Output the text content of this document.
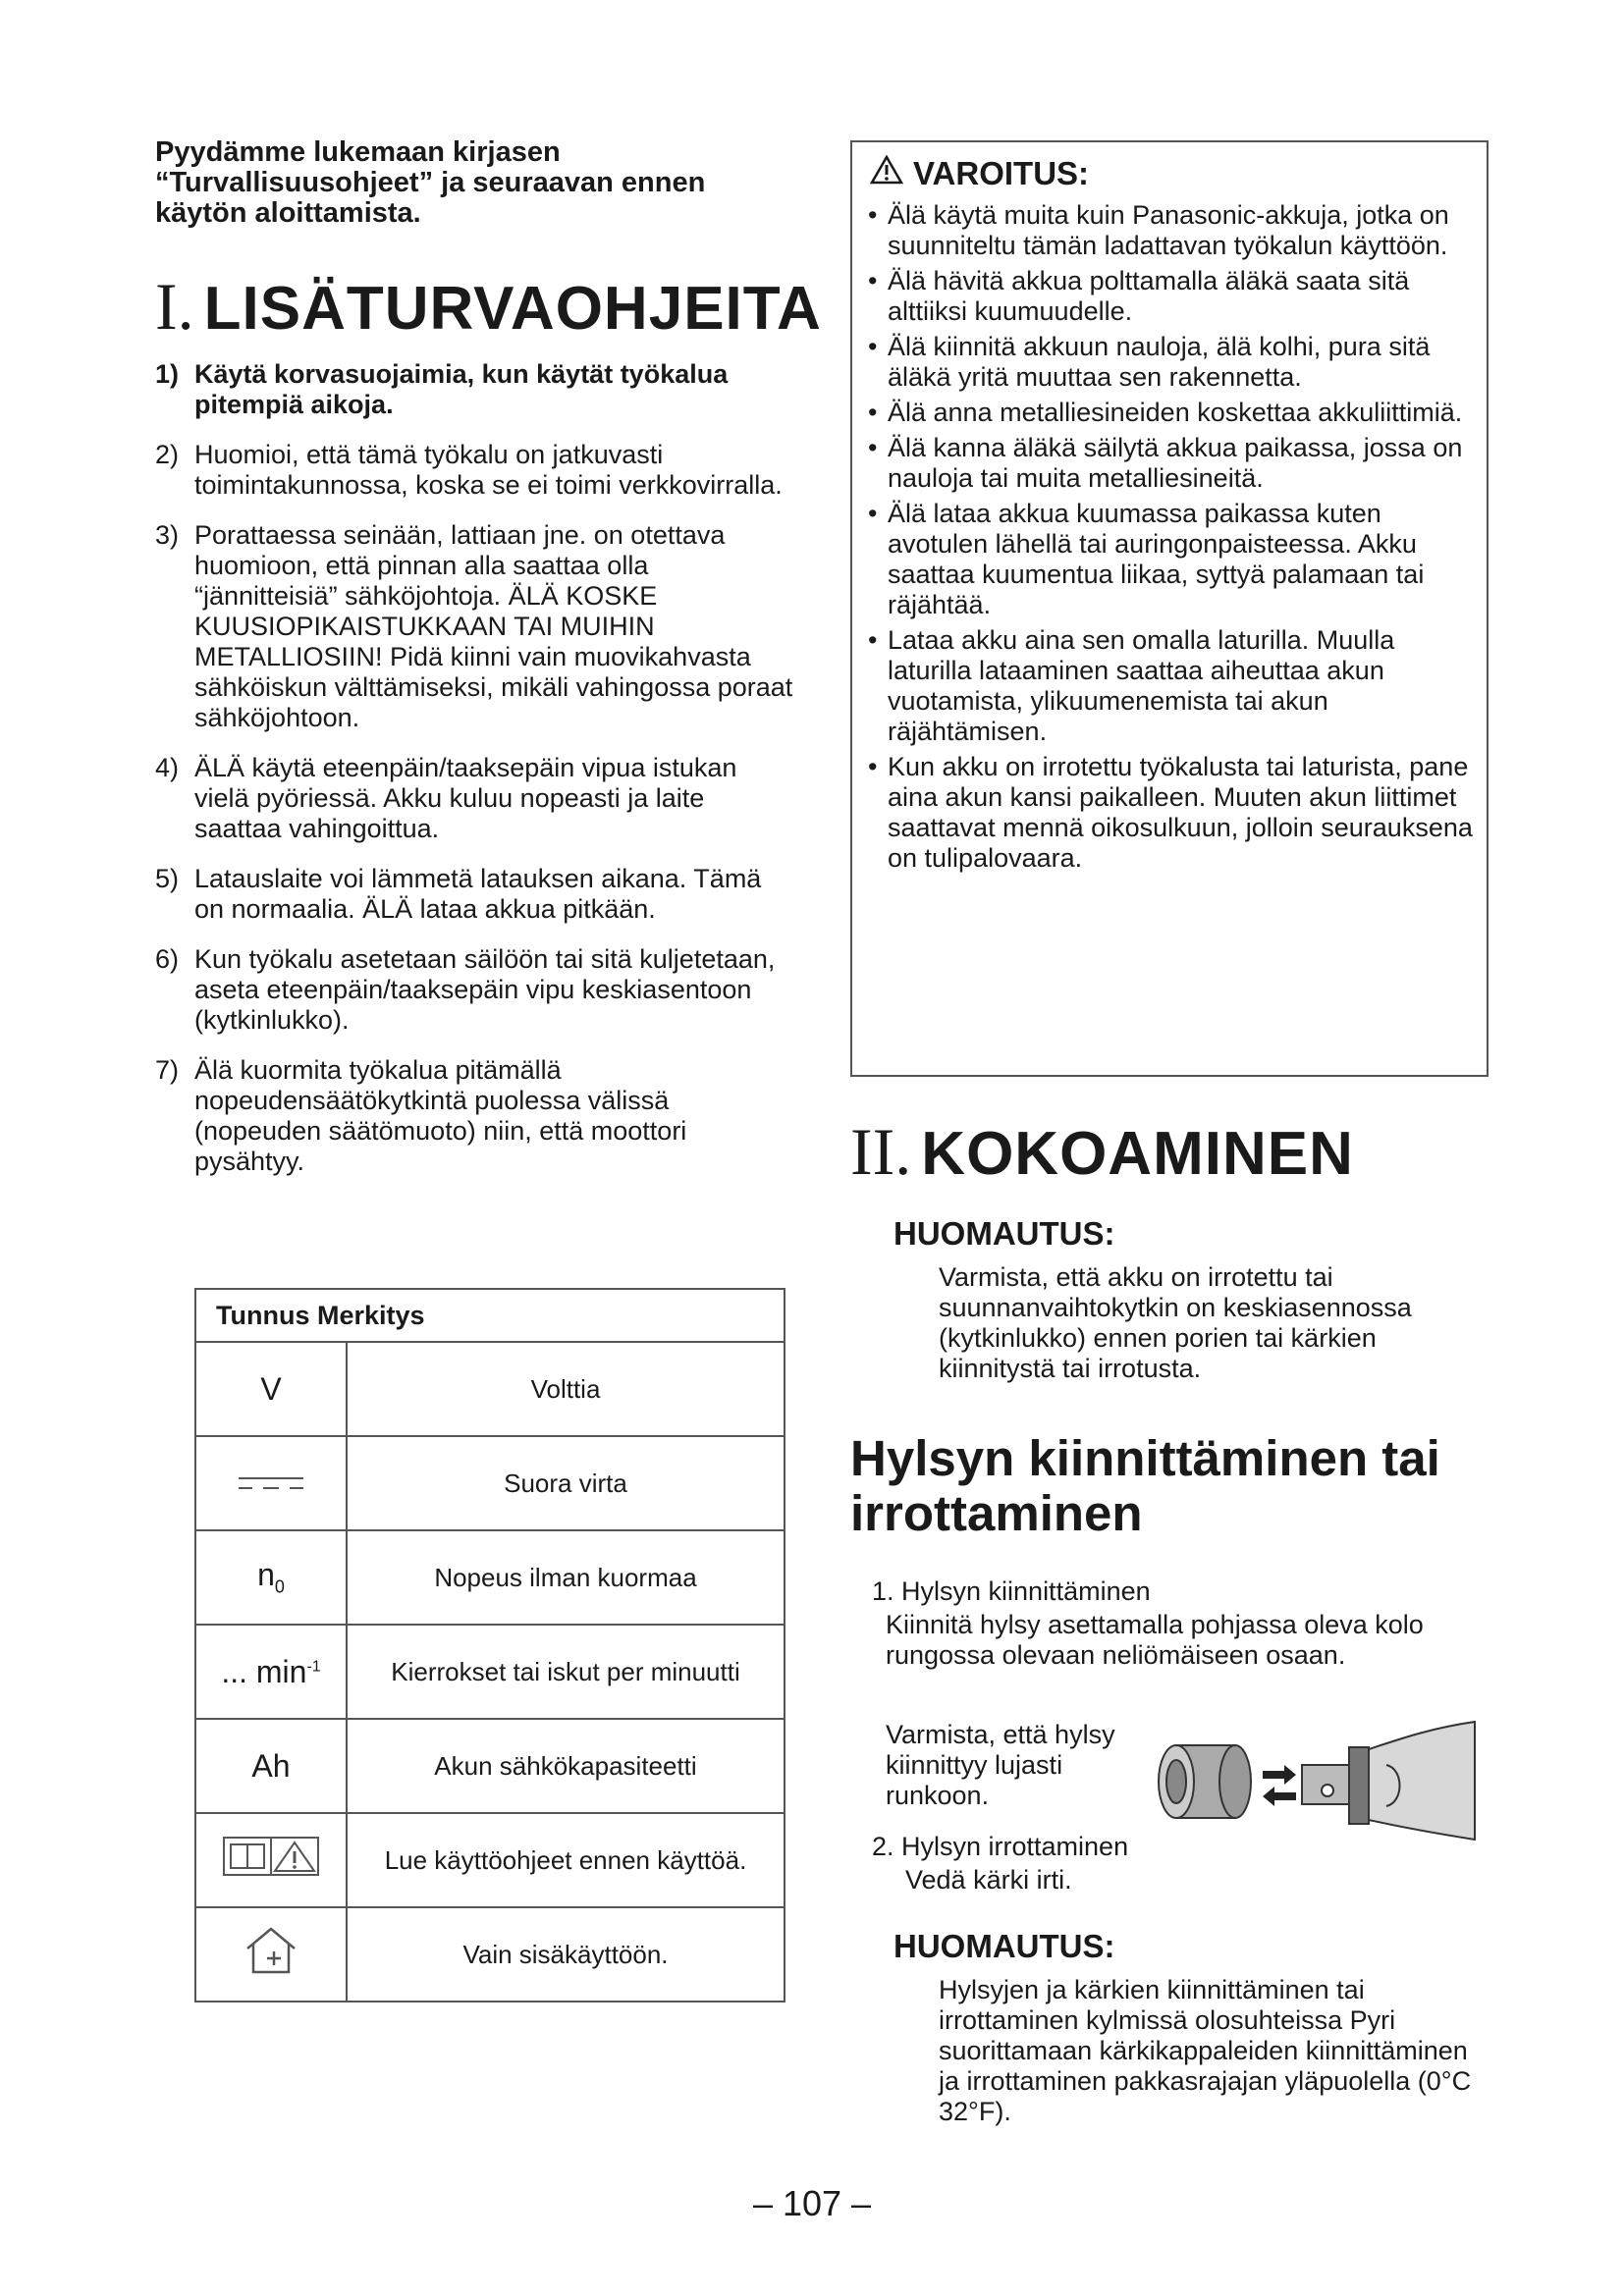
Pyydämme lukemaan kirjasen “Turvallisuusohjeet” ja seuraavan ennen käytön aloittamista.

I . LISÄTURVAOHJEITA
1) Käytä korvasuojaimia, kun käytät työkalua pitempiä aikoja.
2) Huomioi, että tämä työkalu on jatkuvasti toimintakunnossa, koska se ei toimi verkkovirralla.
3) Porattaessa seinään, lattiaan jne. on otettava huomioon, että pinnan alla saattaa olla “jännitteisiä” sähköjohtoja. ÄLÄ KOSKE KUUSIOPIKAISTUKKAAN TAI MUIHIN METALLIOSIIN! Pidä kiinni vain muovikahvasta sähköiskun välttämiseksi, mikäli vahingossa poraat sähköjohtoon.
4) ÄLÄ käytä eteenpäin/taaksepäin vipua istukan vielä pyöriessä. Akku kuluu nopeasti ja laite saattaa vahingoittua.
5) Latauslaite voi lämmetä latauksen aikana. Tämä on normaalia. ÄLÄ lataa akkua pitkään.
6) Kun työkalu asetetaan säilöön tai sitä kuljetetaan, aseta eteenpäin/taaksepäin vipu keskiasentoon (kytkinlukko).
7) Älä kuormita työkalua pitämällä nopeudensäätökytkintä puolessa välissä (nopeuden säätömuoto) niin, että moottori pysähtyy.
Tunnus Merkitys	
V	Volttia
	Suora virta
$n_0$	Nopeus ilman kuormaa
... $\min^{-1}$	Kierrokset tai iskut per minuutti
Ah	Akun sähkökapasiteetti
	Lue käyttöohjeet ennen käyttöä.
	Vain sisäkäyttöön.
VAROITUS:
• Älä käytä muita kuin Panasonic-akkuja, jotka on suunniteltu tämän ladattavan työkalun käyttöön.
• Älä hävitä akkua polttamalla äläkä saata sitä alttiiksi kuumuudelle.
• Älä kiinnitä akkuun nauloja, älä kolhi, pura sitä äläkä yritä muuttaa sen rakennetta.
• Älä anna metalliesineiden koskettaa akkuliittimiä.
• Älä kanna äläkä säilytä akkua paikassa, jossa on nauloja tai muita metalliesineitä.
• Älä lataa akkua kuumassa paikassa kuten avotulen lähellä tai auringonpaisteessa. Akku saattaa kuumentua liikaa, syttyä palamaan tai räjähtää.
• Lataa akku aina sen omalla laturilla. Muulla laturilla lataaminen saattaa aiheuttaa akun vuotamista, ylikuumenemista tai akun räjähtämisen.
• Kun akku on irrotettu työkalusta tai laturista, pane aina akun kansi paikalleen. Muuten akun liittimet saattavat mennä oikosulkuun, jolloin seurauksena on tulipalovaara.
II . KOKOAMINEN
HUOMAUTUS:
Varmista, että akku on irrotettu tai suunnanvaihtokytkin on keskiasennossa (kytkinlukko) ennen porien tai kärkien kiinnitystä tai irrotusta.
Hylsyn kiinnittäminen tai irrottaminen
1. Hylsyn kiinnittäminen
Kiinnitä hylsy asettamalla pohjassa oleva kolo rungossa olevaan neliömäiseen osaan.
Varmista, että hylsy kiinnittyy lujasti runkoon.
2. Hylsyn irrottaminen
Vedä kärki irti.
HUOMAUTUS:
Hylsyjen ja kärkien kiinnittäminen tai irrottaminen kylmissä olosuhteissa Pyri suorittamaan kärkikappaleiden kiinnittäminen ja irrottaminen pakkasrajajan yläpuolella (0°C 32°F).
– 107 –
